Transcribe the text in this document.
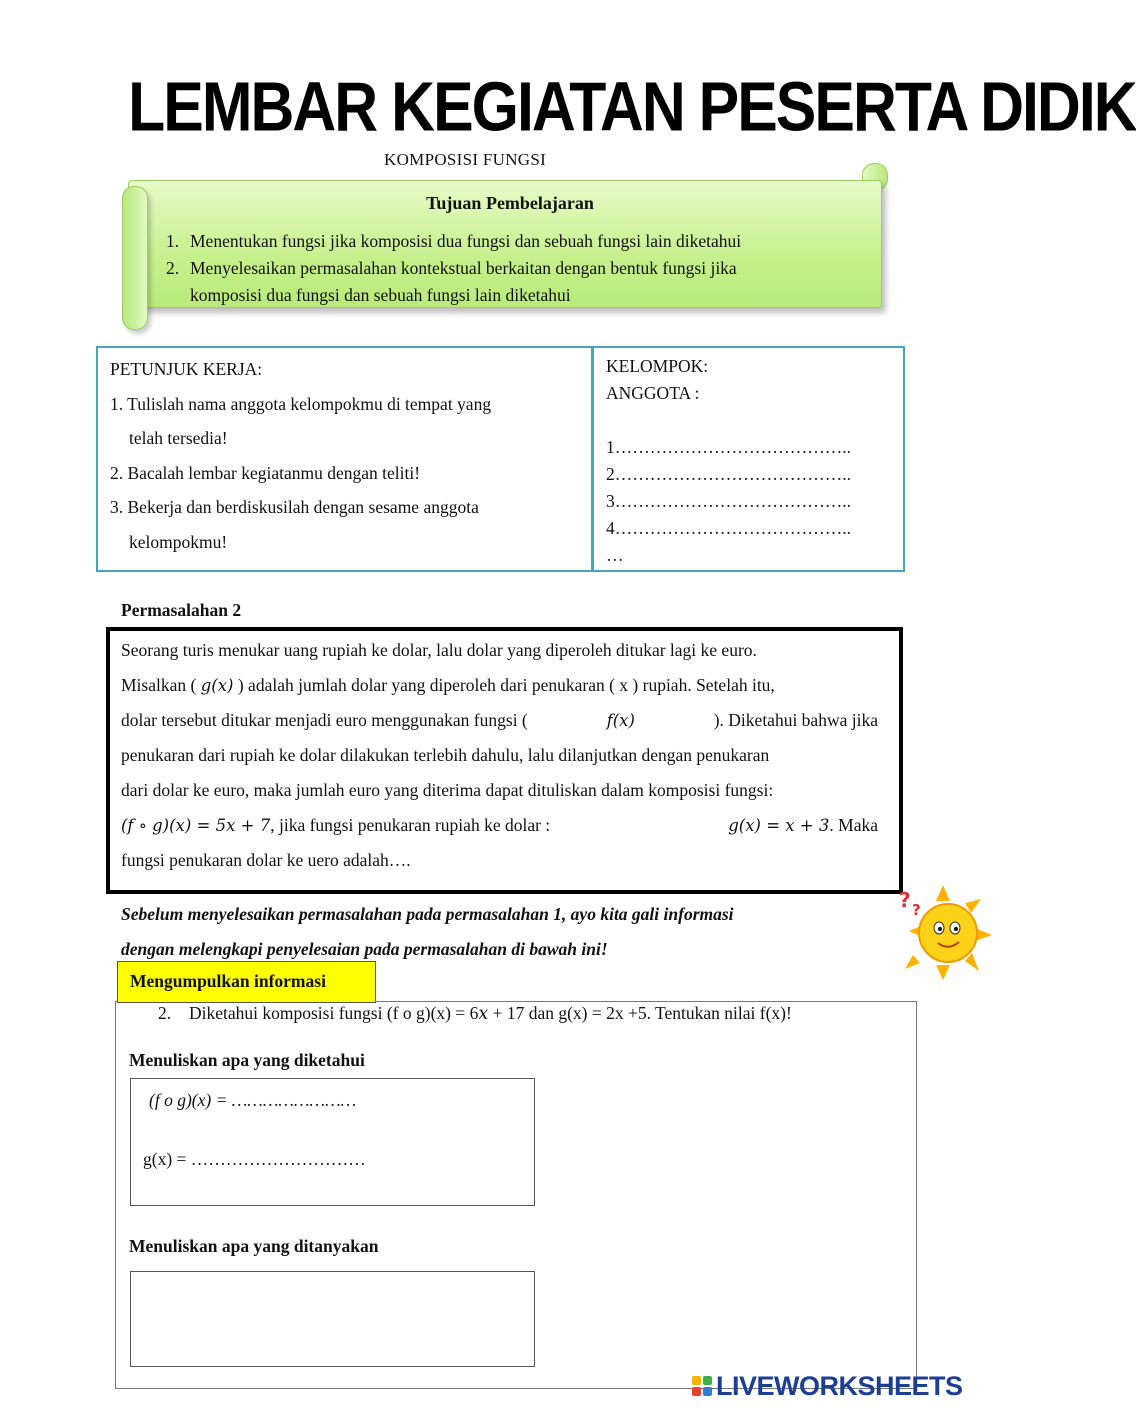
LEMBAR KEGIATAN PESERTA DIDIK
KOMPOSISI FUNGSI
Tujuan Pembelajaran
1. Menentukan fungsi jika komposisi dua fungsi dan sebuah fungsi lain diketahui
2. Menyelesaikan permasalahan kontekstual berkaitan dengan bentuk fungsi jika
komposisi dua fungsi dan sebuah fungsi lain diketahui
PETUNJUK KERJA:
1. Tulislah nama anggota kelompokmu di tempat yang
telah tersedia!
2. Bacalah lembar kegiatanmu dengan teliti!
3. Bekerja dan berdiskusilah dengan sesame anggota
kelompokmu!
KELOMPOK:
ANGGOTA :
1…………………………………..
2…………………………………..
3…………………………………..
4…………………………………..
…
Permasalahan 2
Seorang turis menukar uang rupiah ke dolar, lalu dolar yang diperoleh ditukar lagi ke euro.
Misalkan ( 𝑔(𝑥) ) adalah jumlah dolar yang diperoleh dari penukaran ( x ) rupiah. Setelah itu,
dolar tersebut ditukar menjadi euro menggunakan fungsi (	𝑓(𝑥)	). Diketahui bahwa jika
penukaran dari rupiah ke dolar dilakukan terlebih dahulu, lalu dilanjutkan dengan penukaran
dari dolar ke euro, maka jumlah euro yang diterima dapat dituliskan dalam komposisi fungsi:
(𝑓 ∘ 𝑔)(𝑥) = 5𝑥 + 7, jika fungsi penukaran rupiah ke dolar :	𝑔(𝑥) = 𝑥 + 3. Maka
fungsi penukaran dolar ke uero adalah….
? ?
Sebelum menyelesaikan permasalahan pada permasalahan 1, ayo kita gali informasi
dengan melengkapi penyelesaian pada permasalahan di bawah ini!
Mengumpulkan informasi
2. Diketahui komposisi fungsi (f o g)(x) = 6𝑥 + 17 dan g(x) = 2x +5. Tentukan nilai f(x)!
Menuliskan apa yang diketahui
(f o g)(x) = ……………………
g(x) = …………………………
Menuliskan apa yang ditanyakan
LIVEWORKSHEETS
